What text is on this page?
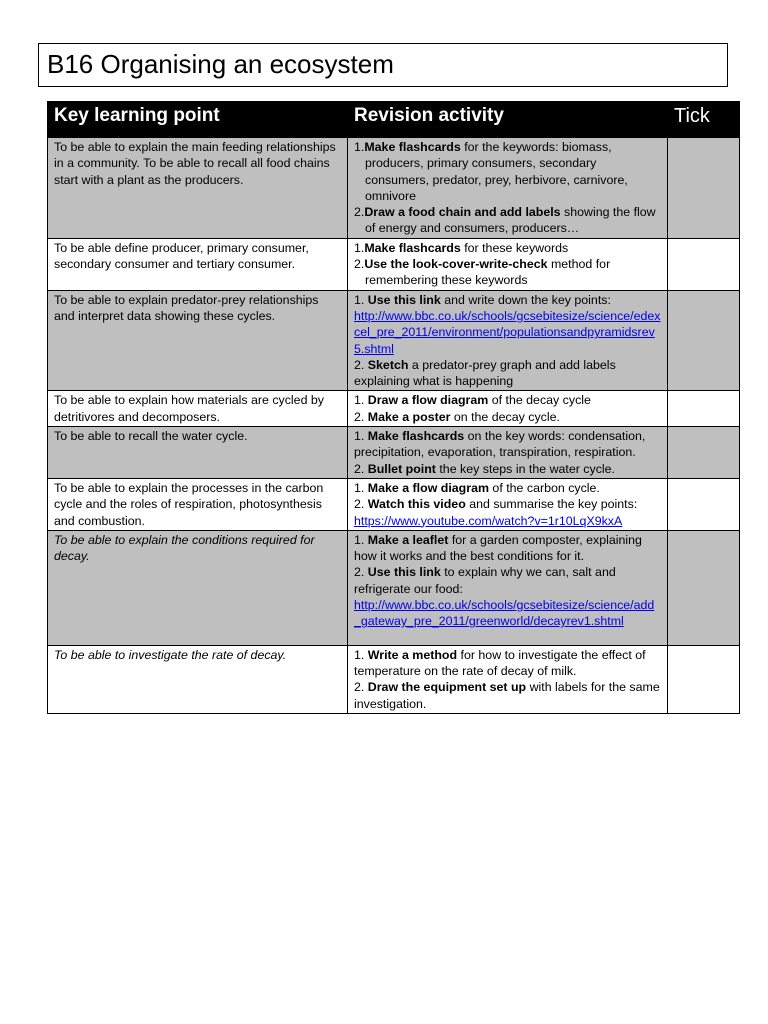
B16 Organising an ecosystem
Key learning point	Revision activity	Tick
To be able to explain the main feeding relationships in a community. To be able to recall all food chains start with a plant as the producers.	1.Make flashcards for the keywords: biomass, producers, primary consumers, secondary consumers, predator, prey, herbivore, carnivore, omnivore
2.Draw a food chain and add labels showing the flow of energy and consumers, producers…	

To be able define producer, primary consumer, secondary consumer and tertiary consumer.	1.Make flashcards for these keywords
2.Use the look-cover-write-check method for remembering these keywords	

To be able to explain predator-prey relationships and interpret data showing these cycles.	1. Use this link and write down the key points:
http://www.bbc.co.uk/schools/gcsebitesize/science/edexcel_pre_2011/environment/populationsandpyramidsrev5.shtml
2. Sketch a predator-prey graph and add labels explaining what is happening	

To be able to explain how materials are cycled by detritivores and decomposers.	1. Draw a flow diagram of the decay cycle
2. Make a poster on the decay cycle.	

To be able to recall the water cycle.	1. Make flashcards on the key words: condensation, precipitation, evaporation, transpiration, respiration.
2. Bullet point the key steps in the water cycle.	

To be able to explain the processes in the carbon cycle and the roles of respiration, photosynthesis and combustion.	1. Make a flow diagram of the carbon cycle.
2. Watch this video and summarise the key points:
https://www.youtube.com/watch?v=1r10LqX9kxA	

To be able to explain the conditions required for decay.	1. Make a leaflet for a garden composter, explaining how it works and the best conditions for it.
2. Use this link to explain why we can, salt and refrigerate our food:
http://www.bbc.co.uk/schools/gcsebitesize/science/add_gateway_pre_2011/greenworld/decayrev1.shtml	

To be able to investigate the rate of decay.	1. Write a method for how to investigate the effect of temperature on the rate of decay of milk.
2. Draw the equipment set up with labels for the same investigation.	
